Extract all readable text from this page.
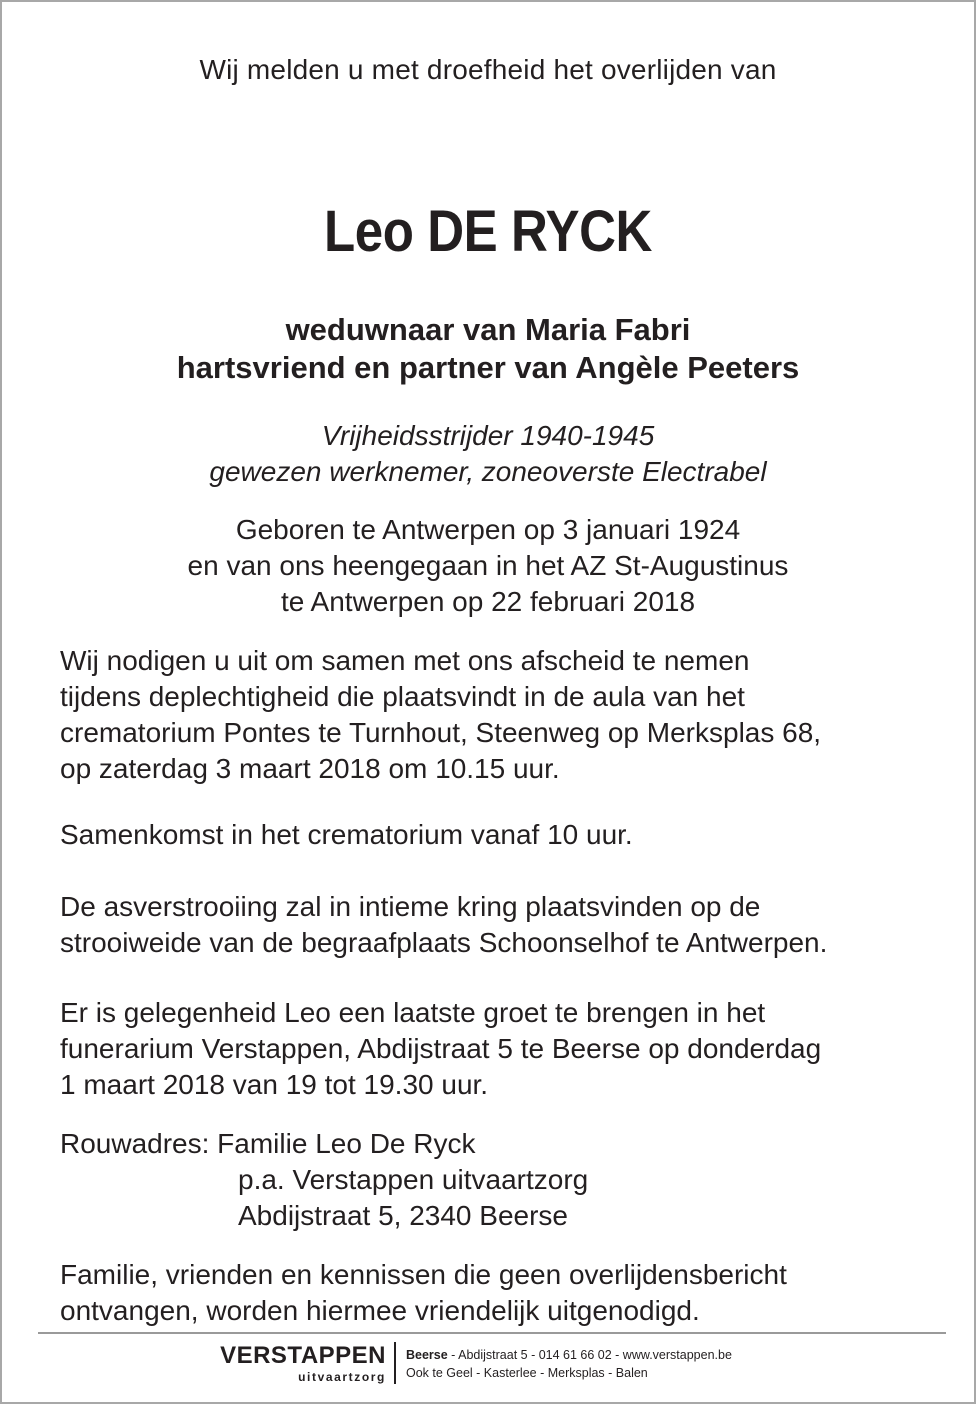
Wij melden u met droefheid het overlijden van
Leo DE RYCK
weduwnaar van Maria Fabri
hartsvriend en partner van Angèle Peeters
Vrijheidsstrijder 1940-1945
gewezen werknemer, zoneoverste Electrabel
Geboren te Antwerpen op 3 januari 1924
en van ons heengegaan in het AZ St-Augustinus
te Antwerpen op 22 februari 2018

Wij nodigen u uit om samen met ons afscheid te nemen
tijdens deplechtigheid die plaatsvindt in de aula van het
crematorium Pontes te Turnhout, Steenweg op Merksplas 68,
op zaterdag 3 maart 2018 om 10.15 uur.

Samenkomst in het crematorium vanaf 10 uur.

De asverstrooiing zal in intieme kring plaatsvinden op de
strooiweide van de begraafplaats Schoonselhof te Antwerpen.

Er is gelegenheid Leo een laatste groet te brengen in het
funerarium Verstappen, Abdijstraat 5 te Beerse op donderdag
1 maart 2018 van 19 tot 19.30 uur.

Rouwadres: Familie Leo De Ryck
p.a. Verstappen uitvaartzorg
Abdijstraat 5, 2340 Beerse

Familie, vrienden en kennissen die geen overlijdensbericht
ontvangen, worden hiermee vriendelijk uitgenodigd.

VERSTAPPEN
uitvaartzorg
Beerse - Abdijstraat 5 - 014 61 66 02 - www.verstappen.be
Ook te Geel - Kasterlee - Merksplas - Balen
